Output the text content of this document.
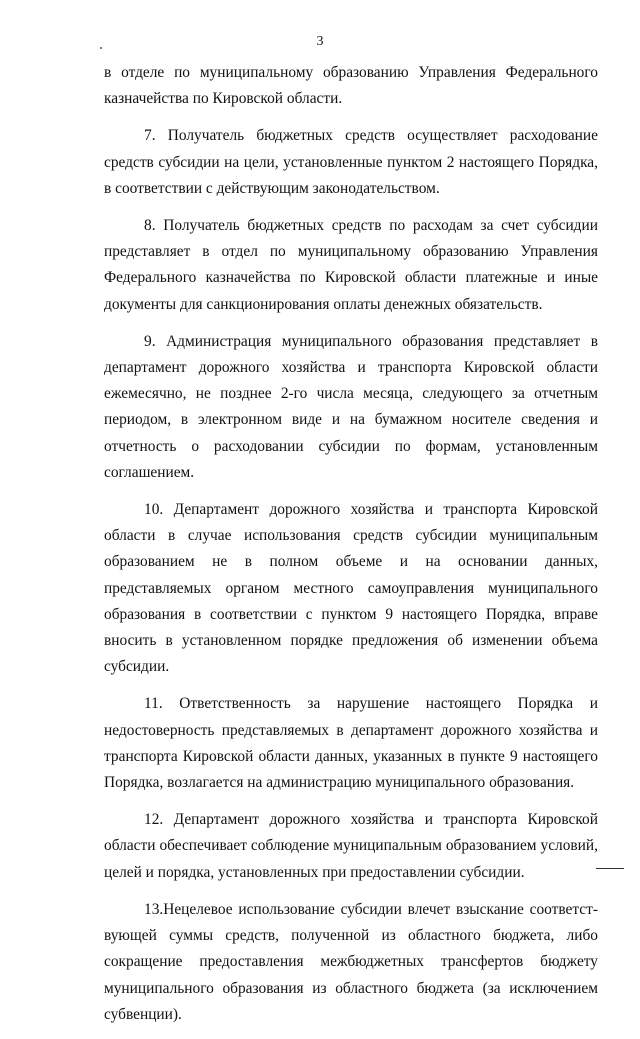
3

в отделе по муниципальному образованию Управления Федерального казначейства по Кировской области.

7. Получатель бюджетных средств осуществляет расходование средств субсидии на цели, установленные пунктом 2 настоящего Порядка, в соответствии с действующим законодательством.

8. Получатель бюджетных средств по расходам за счет субсидии представляет в отдел по муниципальному образованию Управления Федерального казначейства по Кировской области платежные и иные документы для санкционирования оплаты денежных обязательств.

9. Администрация муниципального образования представляет в департамент дорожного хозяйства и транспорта Кировской области ежемесячно, не позднее 2-го числа месяца, следующего за отчетным периодом, в электронном виде и на бумажном носителе сведения и отчетность о расходовании субсидии по формам, установленным соглашением.

10. Департамент дорожного хозяйства и транспорта Кировской области в случае использования средств субсидии муниципальным образованием не в полном объеме и на основании данных, представляемых органом местного самоуправления муниципального образования в соответствии с пунктом 9 настоящего Порядка, вправе вносить в установленном порядке предложения об изменении объема субсидии.

11. Ответственность за нарушение настоящего Порядка и недостоверность представляемых в департамент дорожного хозяйства и транспорта Кировской области данных, указанных в пункте 9 настоящего Порядка, возлагается на администрацию муниципального образования.

12. Департамент дорожного хозяйства и транспорта Кировской области обеспечивает соблюдение муниципальным образованием условий, целей и порядка, установленных при предоставлении субсидии.

13.Нецелевое использование субсидии влечет взыскание соответствующей суммы средств, полученной из областного бюджета, либо сокращение предоставления межбюджетных трансфертов бюджету муниципального образования из областного бюджета (за исключением субвенции).
